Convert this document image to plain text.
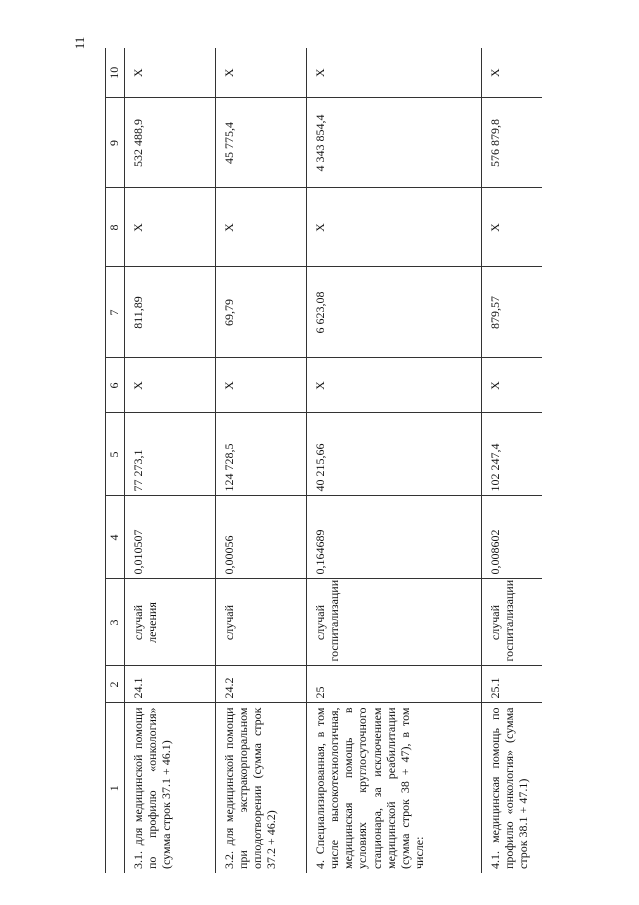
11
1	2	3	4	5	6	7	8	9	10
3.1. для медицинской помощи по профилю «онкология» (сумма строк 37.1 + 46.1)	24.1	случай лечения	0,010507	77 273,1	X	811,89	X	532 488,9	X
3.2. для медицинской помощи при экстракорпоральном оплодотворении (сумма строк 37.2 + 46.2)	24.2	случай	0,00056	124 728,5	X	69,79	X	45 775,4	X
4. Специализированная, в том числе высокотехнологичная, медицинская помощь в условиях круглосуточного стационара, за исключением медицинской реабилитации (сумма строк 38 + 47), в том числе:	25	случай госпитализации	0,164689	40 215,66	X	6 623,08	X	4 343 854,4	X
4.1. медицинская помощь по профилю «онкология» (сумма строк 38.1 + 47.1)	25.1	случай госпитализации	0,008602	102 247,4	X	879,57	X	576 879,8	X
